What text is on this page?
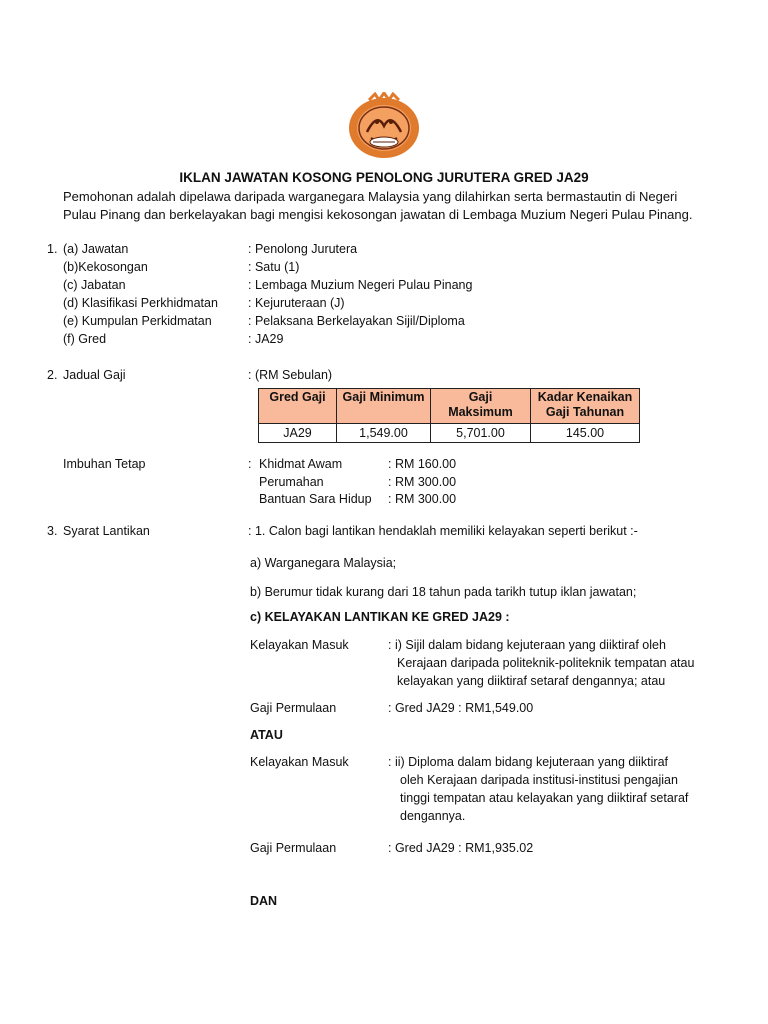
IKLAN JAWATAN KOSONG PENOLONG JURUTERA GRED JA29
Pemohonan adalah dipelawa daripada warganegara Malaysia yang dilahirkan serta bermastautin di Negeri Pulau Pinang dan berkelayakan bagi mengisi kekosongan jawatan di Lembaga Muzium Negeri Pulau Pinang.
1. (a) Jawatan	: Penolong Jurutera
(b)Kekosongan	: Satu (1)
(c) Jabatan	: Lembaga Muzium Negeri Pulau Pinang
(d) Klasifikasi Perkhidmatan : Kejuruteraan (J)
(e) Kumpulan Perkidmatan	: Pelaksana Berkelayakan Sijil/Diploma
(f) Gred	: JA29
2. Jadual Gaji	: (RM Sebulan)
Gred Gaji	Gaji Minimum	Gaji Maksimum	Kadar Kenaikan Gaji Tahunan
JA29	1,549.00	5,701.00	145.00
Imbuhan Tetap	: Khidmat Awam	: RM 160.00
Perumahan	: RM 300.00
Bantuan Sara Hidup : RM 300.00
3. Syarat Lantikan	: 1. Calon bagi lantikan hendaklah memiliki kelayakan seperti berikut :-
a) Warganegara Malaysia;
b) Berumur tidak kurang dari 18 tahun pada tarikh tutup iklan jawatan;
c) KELAYAKAN LANTIKAN KE GRED JA29 :
Kelayakan Masuk	: i) Sijil dalam bidang kejuteraan yang diiktiraf oleh
Kerajaan daripada politeknik-politeknik tempatan atau
kelayakan yang diiktiraf setaraf dengannya; atau
Gaji Permulaan	: Gred JA29 : RM1,549.00
ATAU
Kelayakan Masuk	: ii) Diploma dalam bidang kejuteraan yang diiktiraf
oleh Kerajaan daripada institusi-institusi pengajian
tinggi tempatan atau kelayakan yang diiktiraf setaraf
dengannya.
Gaji Permulaan	: Gred JA29 : RM1,935.02
DAN
